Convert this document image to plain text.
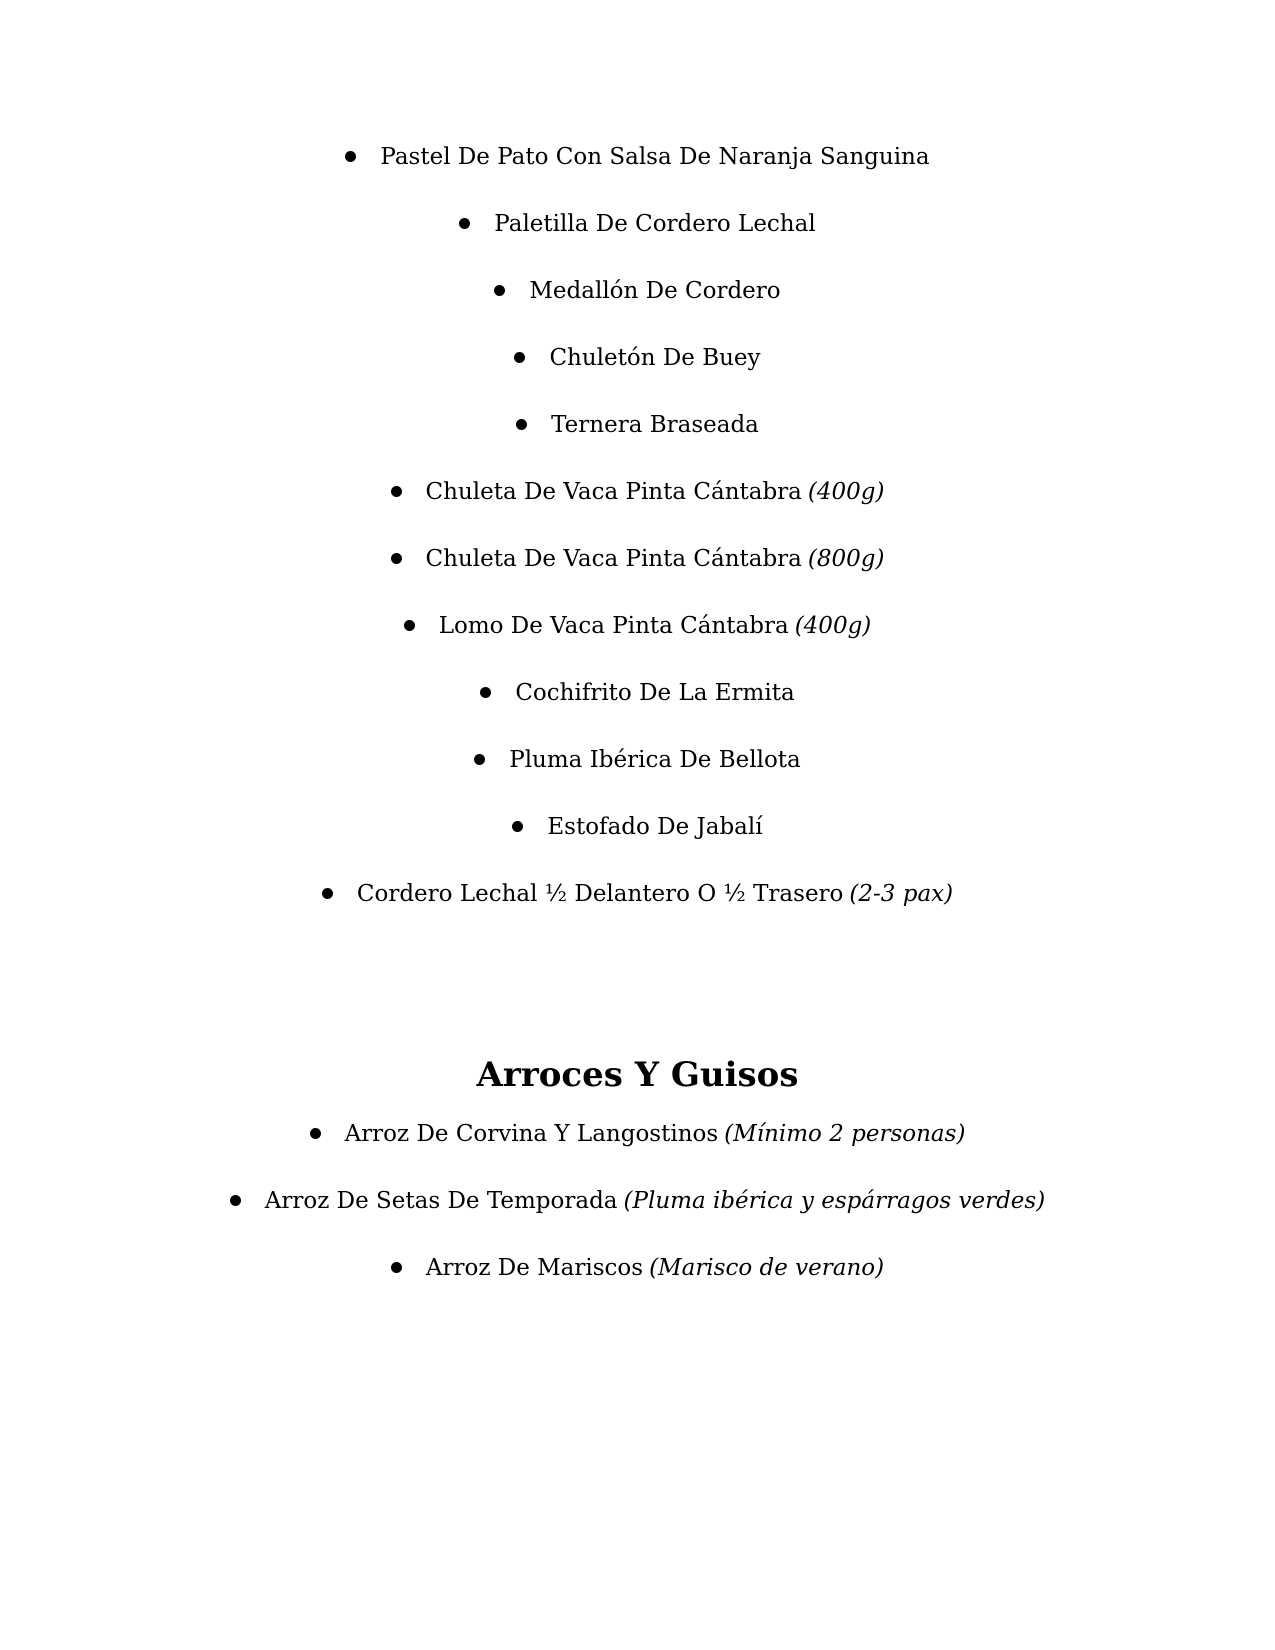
Pastel De Pato Con Salsa De Naranja Sanguina
Paletilla De Cordero Lechal
Medallón De Cordero
Chuletón De Buey
Ternera Braseada
Chuleta De Vaca Pinta Cántabra (400g)
Chuleta De Vaca Pinta Cántabra (800g)
Lomo De Vaca Pinta Cántabra (400g)
Cochifrito De La Ermita
Pluma Ibérica De Bellota
Estofado De Jabalí
Cordero Lechal ½ Delantero O ½ Trasero (2-3 pax)
Arroces Y Guisos
Arroz De Corvina Y Langostinos (Mínimo 2 personas)
Arroz De Setas De Temporada (Pluma ibérica y espárragos verdes)
Arroz De Mariscos (Marisco de verano)
